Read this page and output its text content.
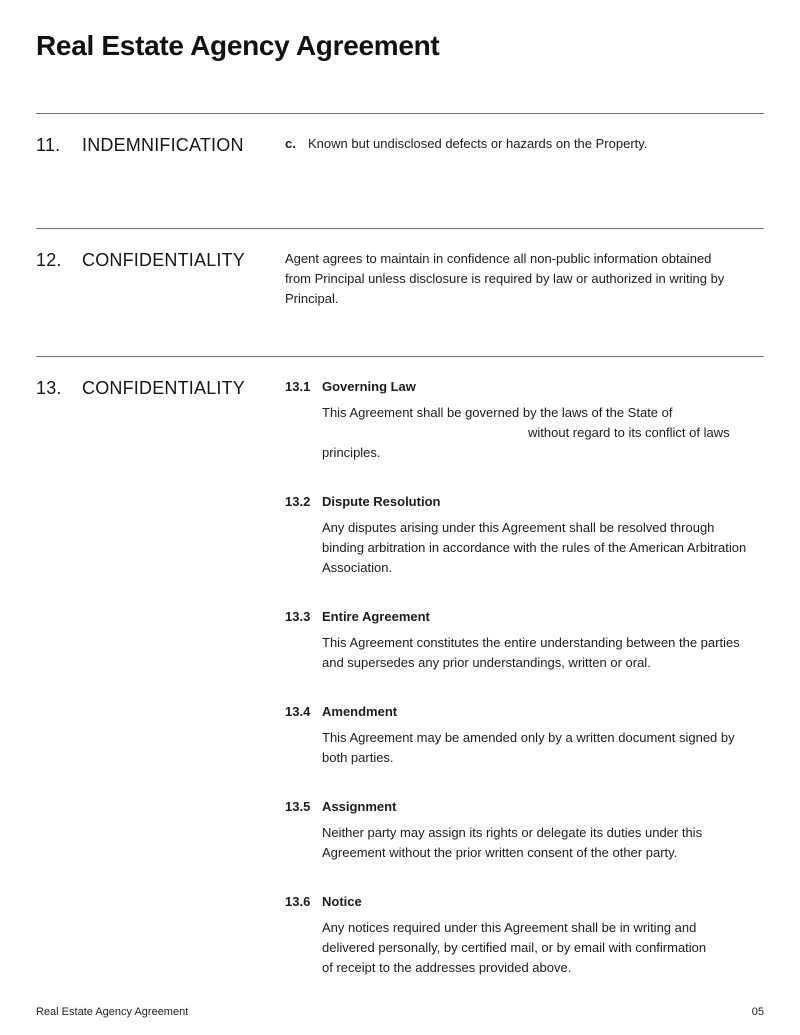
Real Estate Agency Agreement
11.	INDEMNIFICATION	c. Known but undisclosed defects or hazards on the Property.
12.	CONFIDENTIALITY	Agent agrees to maintain in confidence all non-public information obtained
from Principal unless disclosure is required by law or authorized in writing by
Principal.
13.	CONFIDENTIALITY	13.1 Governing Law
This Agreement shall be governed by the laws of the State of
without regard to its conflict of laws
principles.
13.2 Dispute Resolution
Any disputes arising under this Agreement shall be resolved through
binding arbitration in accordance with the rules of the American Arbitration
Association.
13.3 Entire Agreement
This Agreement constitutes the entire understanding between the parties
and supersedes any prior understandings, written or oral.
13.4 Amendment
This Agreement may be amended only by a written document signed by
both parties.
13.5 Assignment
Neither party may assign its rights or delegate its duties under this
Agreement without the prior written consent of the other party.
13.6 Notice
Any notices required under this Agreement shall be in writing and
delivered personally, by certified mail, or by email with confirmation
of receipt to the addresses provided above.
Real Estate Agency Agreement	05
